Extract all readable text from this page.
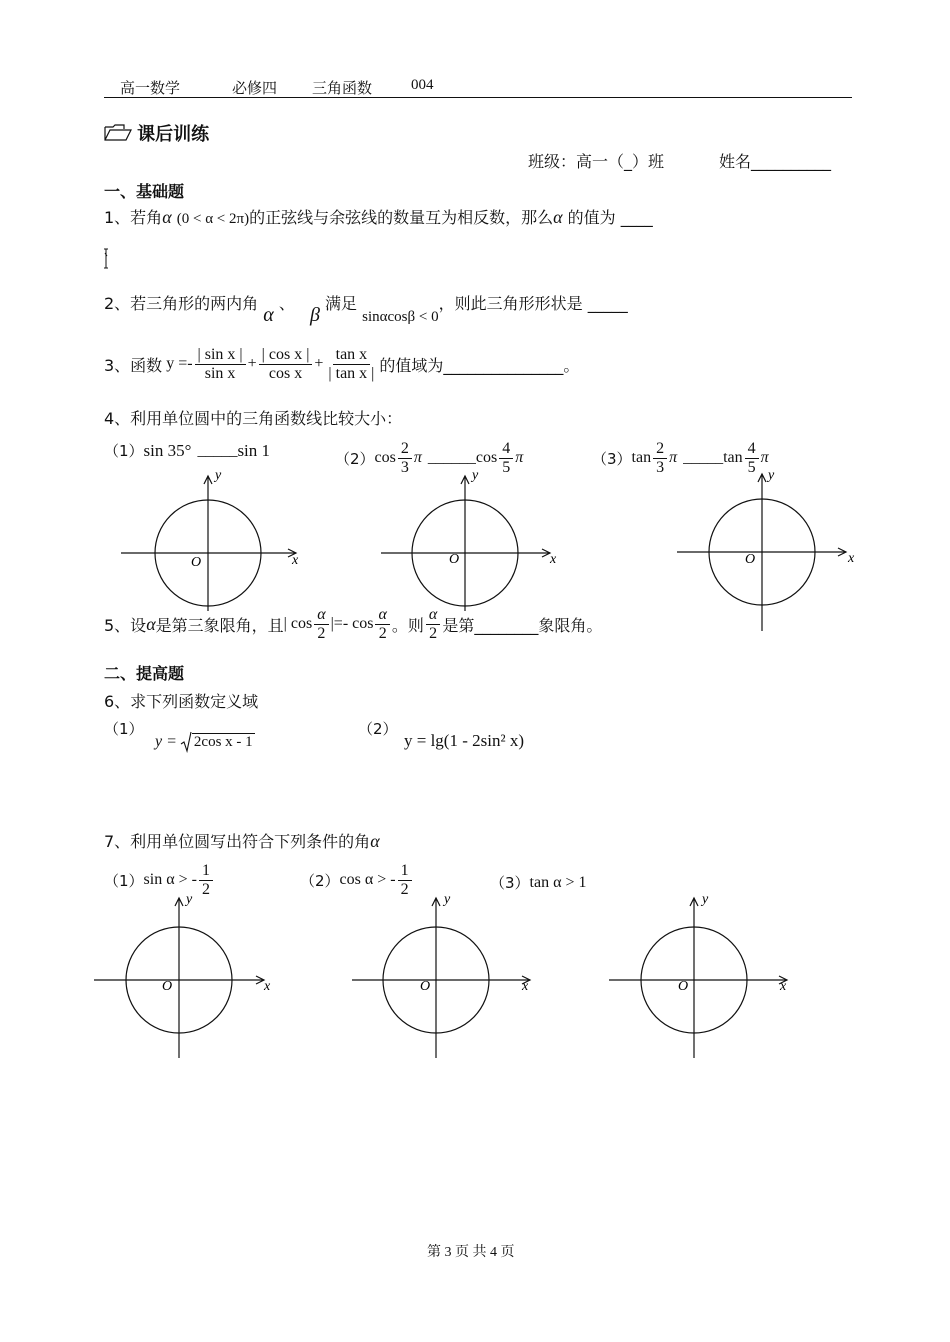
高一数学	必修四 三角函数	004
课后训练
班级：高一（_）班	姓名__________
一、基础题
1、若角α (0 < α < 2π)的正弦线与余弦线的数量互为相反数，那么α 的值为 ____
2、若三角形的两内角 α 、 β 满足 sinαcosβ < 0，则此三角形形状是 _____
3、函数 $y =- \frac{\text{| sin x |}}{\text{sin x}} + \frac{\text{| cos x |}}{\text{cos x}} + \frac{\text{tan x}}{\text{| tan x |}}$ 的值域为_______________。
4、利用单位圆中的三角函数线比较大小：
（1） sin 35° _____ sin 1	（2） $\cos \frac{2}{3}$ π ______ $\cos \frac{4}{5}$ π	（3） $\tan \frac{2}{3}$ π _____ $\tan \frac{4}{5}$ π
x
y
O	x
y
O	x
y
O
5、设 α 是第三象限角，且 | $\cos \frac{\alpha}{2}$ |=- $\cos \frac{\alpha}{2}$ 。则 $\frac{\alpha}{2}$ 是第________象限角。
二、提高题
6、求下列函数定义域
（1）
y = 2cos x - 1
（2）
y = lg(1 - 2sin² x)
7、利用单位圆写出符合下列条件的角α
（1） sin α > - $\frac{1}{2}$	（2） cos α > - $\frac{1}{2}$	（3） tan α > 1
x
y
O	x
y
O	x
y
O
第 3 页 共 4 页
